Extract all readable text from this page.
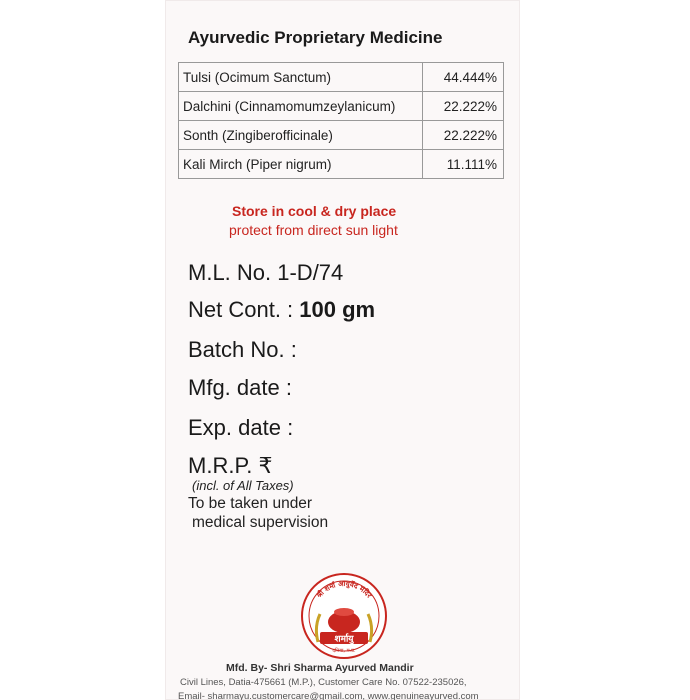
Ayurvedic Proprietary Medicine
Tulsi (Ocimum Sanctum)	44.444%
Dalchini (Cinnamomumzeylanicum)	22.222%
Sonth (Zingiberofficinale)	22.222%
Kali Mirch (Piper nigrum)	11.111%
Store in cool & dry place
protect from direct sun light
M.L. No. 1-D/74
Net Cont. : 100 gm
Batch No. :
Mfg. date :
Exp. date :
M.R.P. ₹
(incl. of All Taxes)
To be taken under
medical supervision
श्री शर्मा आयुर्वेद मंदिर
शर्मायु
दतिया, म.प्र.
Mfd. By- Shri Sharma Ayurved Mandir
Civil Lines, Datia-475661 (M.P.), Customer Care No. 07522-235026,
Email- sharmayu.customercare@gmail.com, www.genuineayurved.com
